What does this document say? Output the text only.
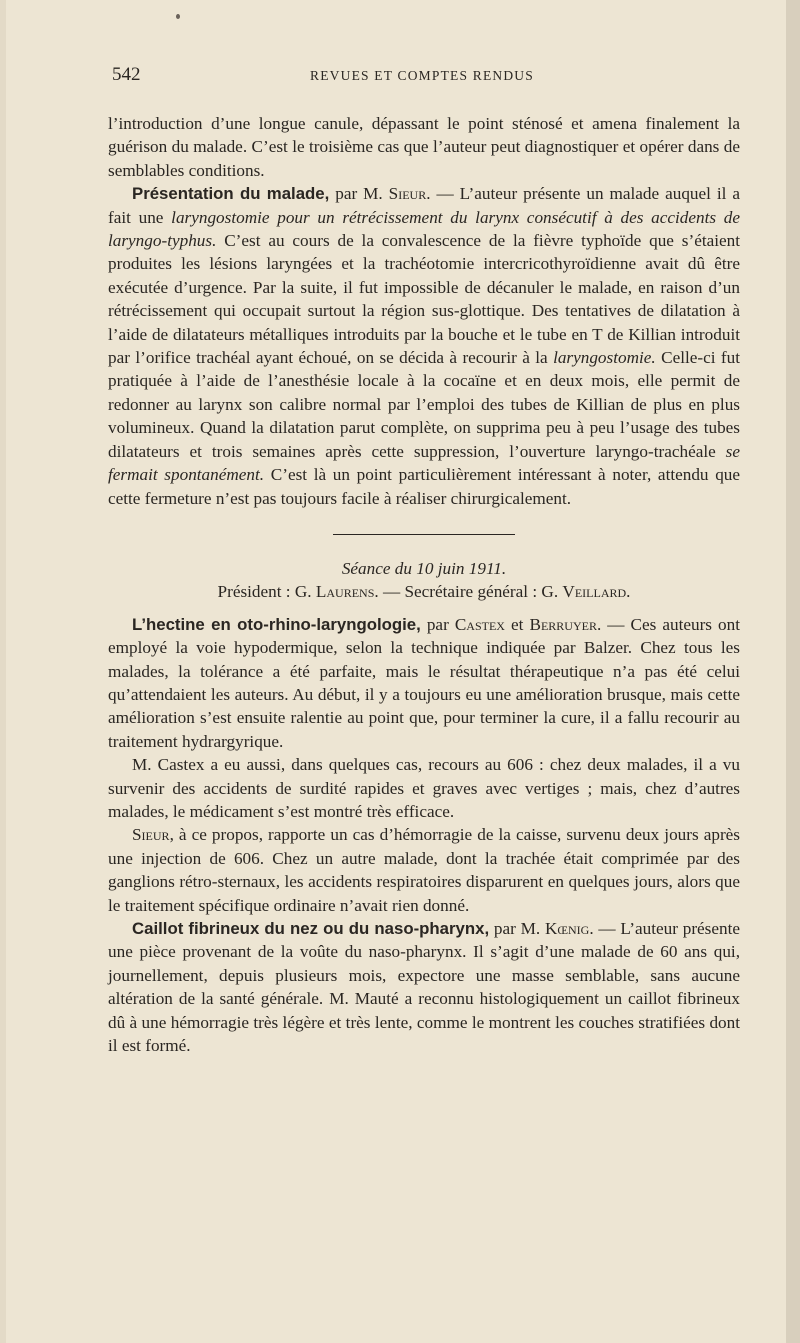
542	REVUES ET COMPTES RENDUS

l’introduction d’une longue canule, dépassant le point sténosé et amena finalement la guérison du malade. C’est le troisième cas que l’auteur peut diagnostiquer et opérer dans de semblables conditions.

Présentation du malade, par M. Sieur. — L’auteur présente un malade auquel il a fait une laryngostomie pour un rétrécissement du larynx consécutif à des accidents de laryngo-typhus. C’est au cours de la convalescence de la fièvre typhoïde que s’étaient produites les lésions laryngées et la trachéotomie intercricothyroïdienne avait dû être exécutée d’urgence. Par la suite, il fut impossible de décanuler le malade, en raison d’un rétrécissement qui occupait surtout la région sus-glottique. Des tentatives de dilatation à l’aide de dilatateurs métalliques introduits par la bouche et le tube en T de Killian introduit par l’orifice trachéal ayant échoué, on se décida à recourir à la laryngostomie. Celle-ci fut pratiquée à l’aide de l’anesthésie locale à la cocaïne et en deux mois, elle permit de redonner au larynx son calibre normal par l’emploi des tubes de Killian de plus en plus volumineux. Quand la dilatation parut complète, on supprima peu à peu l’usage des tubes dilatateurs et trois semaines après cette suppression, l’ouverture laryngo-trachéale se fermait spontanément. C’est là un point particulièrement intéressant à noter, attendu que cette fermeture n’est pas toujours facile à réaliser chirurgicalement.

Séance du 10 juin 1911.

Président : G. Laurens. — Secrétaire général : G. Veillard.

L’hectine en oto-rhino-laryngologie, par Castex et Berruyer. — Ces auteurs ont employé la voie hypodermique, selon la technique indiquée par Balzer. Chez tous les malades, la tolérance a été parfaite, mais le résultat thérapeutique n’a pas été celui qu’attendaient les auteurs. Au début, il y a toujours eu une amélioration brusque, mais cette amélioration s’est ensuite ralentie au point que, pour terminer la cure, il a fallu recourir au traitement hydrargyrique.

M. Castex a eu aussi, dans quelques cas, recours au 606 : chez deux malades, il a vu survenir des accidents de surdité rapides et graves avec vertiges ; mais, chez d’autres malades, le médicament s’est montré très efficace.

Sieur, à ce propos, rapporte un cas d’hémorragie de la caisse, survenu deux jours après une injection de 606. Chez un autre malade, dont la trachée était comprimée par des ganglions rétro-sternaux, les accidents respiratoires disparurent en quelques jours, alors que le traitement spécifique ordinaire n’avait rien donné.

Caillot fibrineux du nez ou du naso-pharynx, par M. Kœnig. — L’auteur présente une pièce provenant de la voûte du naso-pharynx. Il s’agit d’une malade de 60 ans qui, journellement, depuis plusieurs mois, expectore une masse semblable, sans aucune altération de la santé générale. M. Mauté a reconnu histologiquement un caillot fibrineux dû à une hémorragie très légère et très lente, comme le montrent les couches stratifiées dont il est formé.
